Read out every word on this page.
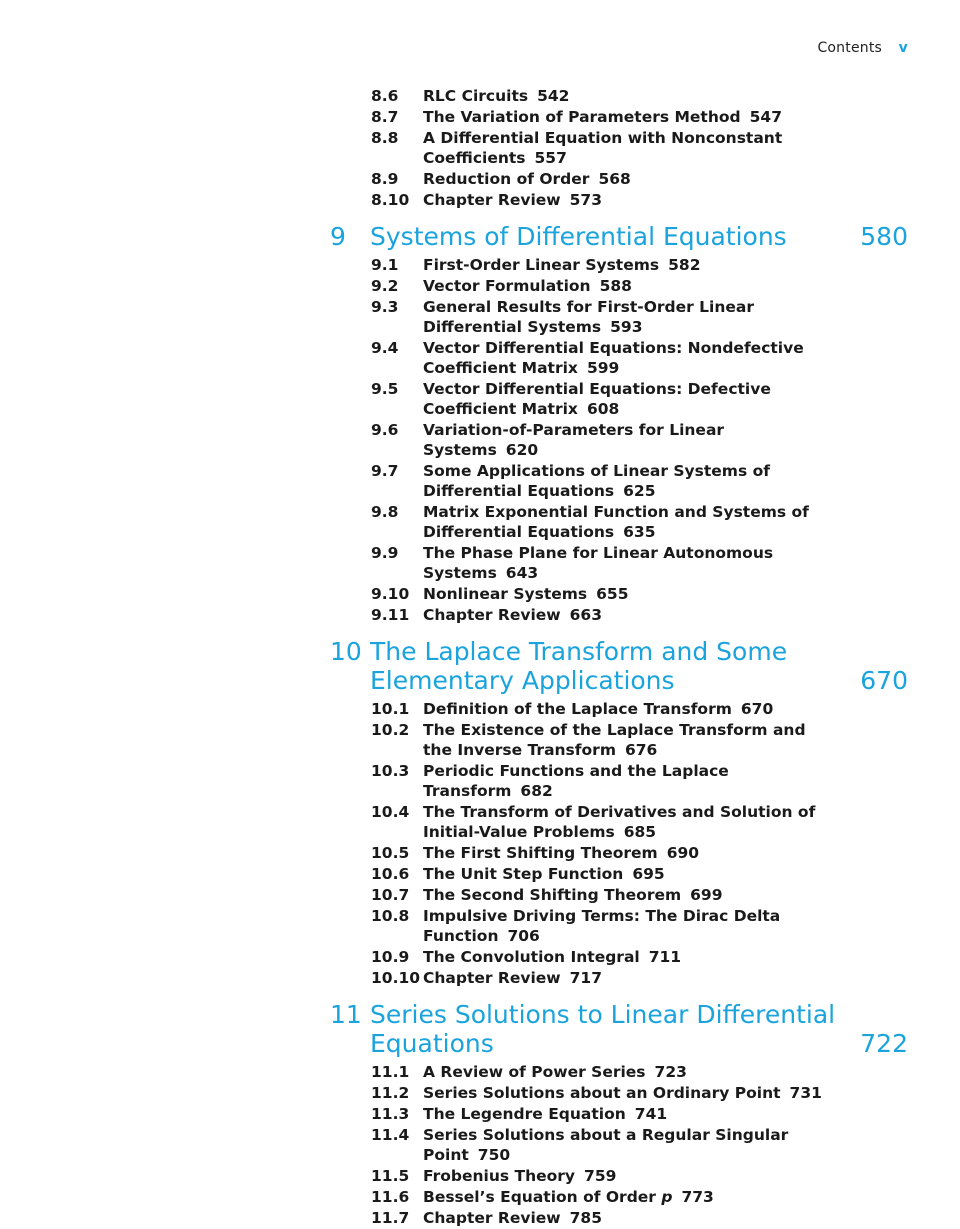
Contents v
8.6	RLC Circuits 542
8.7	The Variation of Parameters Method 547
8.8	A Differential Equation with Nonconstant Coefficients 557
8.9	Reduction of Order 568
8.10 Chapter Review 573
9 Systems of Differential Equations	580
9.1	First-Order Linear Systems 582
9.2	Vector Formulation 588
9.3	General Results for First-Order Linear Differential Systems 593
9.4	Vector Differential Equations: Nondefective Coefficient Matrix 599
9.5	Vector Differential Equations: Defective Coefficient Matrix 608
9.6	Variation-of-Parameters for Linear Systems 620
9.7	Some Applications of Linear Systems of Differential Equations 625
9.8	Matrix Exponential Function and Systems of Differential Equations 635
9.9	The Phase Plane for Linear Autonomous Systems 643
9.10 Nonlinear Systems 655
9.11 Chapter Review 663
10 The Laplace Transform and Some
Elementary Applications	670
10.1 Definition of the Laplace Transform 670
10.2 The Existence of the Laplace Transform and the Inverse Transform 676
10.3 Periodic Functions and the Laplace Transform 682
10.4 The Transform of Derivatives and Solution of Initial-Value Problems 685
10.5 The First Shifting Theorem 690
10.6 The Unit Step Function 695
10.7 The Second Shifting Theorem 699
10.8 Impulsive Driving Terms: The Dirac Delta Function 706
10.9 The Convolution Integral 711
10.10 Chapter Review 717
11 Series Solutions to Linear Differential
Equations	722
11.1 A Review of Power Series 723
11.2 Series Solutions about an Ordinary Point 731
11.3 The Legendre Equation 741
11.4 Series Solutions about a Regular Singular Point 750
11.5 Frobenius Theory 759
11.6 Bessel’s Equation of Order p 773
11.7 Chapter Review 785
